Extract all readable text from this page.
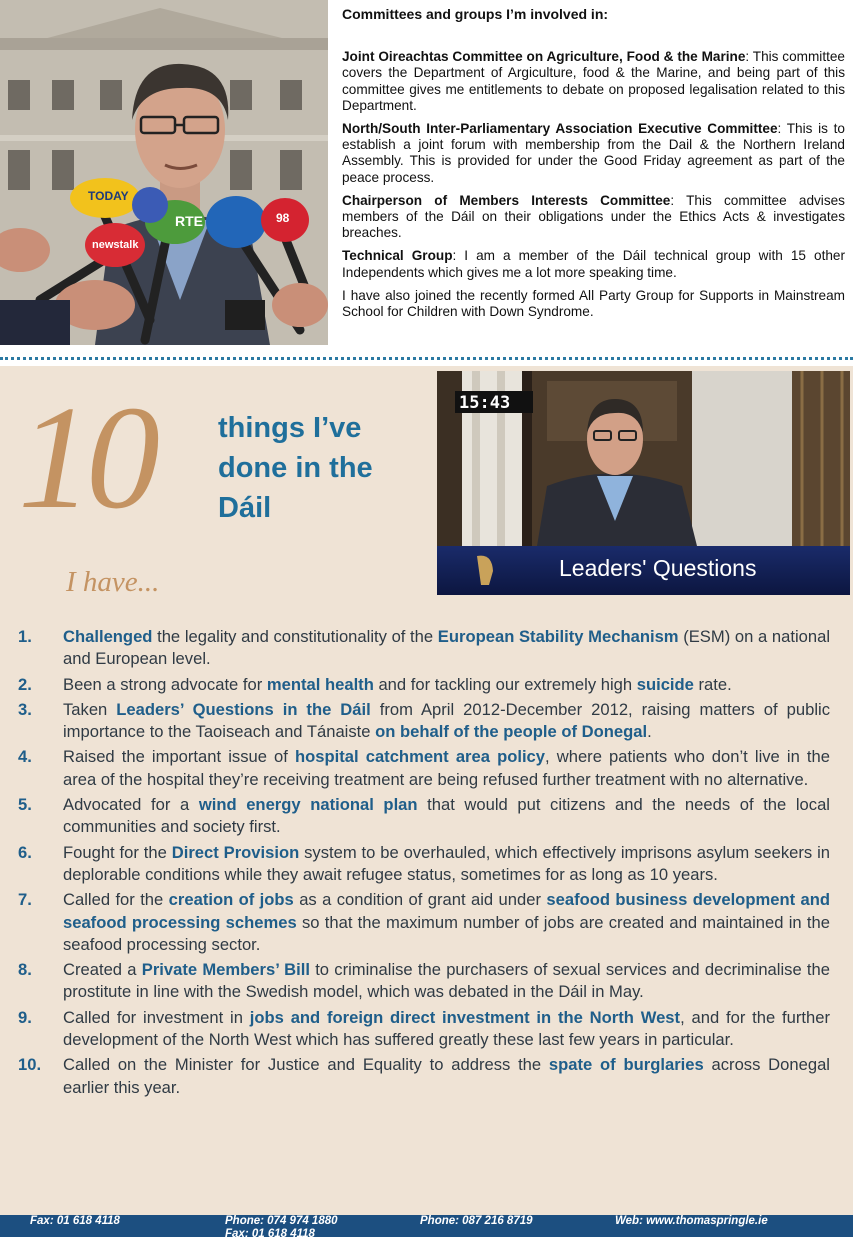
TODAY
RTE	98
newstalk
Committees and groups I’m involved in:

Joint Oireachtas Committee on Agriculture, Food & the Marine: This committee covers the Department of Argiculture, food & the Marine, and being part of this committee gives me entitlements to debate on proposed legalisation related to this Department.

North/South Inter-Parliamentary Association Executive Committee: This is to establish a joint forum with membership from the Dail & the Northern Ireland Assembly. This is provided for under the Good Friday agreement as part of the peace process.

Chairperson of Members Interests Committee: This committee advises members of the Dáil on their obligations under the Ethics Acts & investigates breaches.

Technical Group: I am a member of the Dáil technical group with 15 other Independents which gives me a lot more speaking time.

I have also joined the recently formed All Party Group for Supports in Mainstream School for Children with Down Syndrome.

10 things I’ve
done in the
Dáil
I have...
15:43
Leaders' Questions
1. Challenged the legality and constitutionality of the European Stability Mechanism (ESM) on a national and European level.
2. Been a strong advocate for mental health and for tackling our extremely high suicide rate.
3. Taken Leaders’ Questions in the Dáil from April 2012-December 2012, raising matters of public importance to the Taoiseach and Tánaiste on behalf of the people of Donegal.
4. Raised the important issue of hospital catchment area policy, where patients who don’t live in the area of the hospital they’re receiving treatment are being refused further treatment with no alternative.
5. Advocated for a wind energy national plan that would put citizens and the needs of the local communities and society first.
6. Fought for the Direct Provision system to be overhauled, which effectively imprisons asylum seekers in deplorable conditions while they await refugee status, sometimes for as long as 10 years.
7. Called for the creation of jobs as a condition of grant aid under seafood business development and seafood processing schemes so that the maximum number of jobs are created and maintained in the seafood processing sector.
8. Created a Private Members’ Bill to criminalise the purchasers of sexual services and decriminalise the prostitute in line with the Swedish model, which was debated in the Dáil in May.
9. Called for investment in jobs and foreign direct investment in the North West, and for the further development of the North West which has suffered greatly these last few years in particular.
10. Called on the Minister for Justice and Equality to address the spate of burglaries across Donegal earlier this year.
Fax: 01 618 4118	Phone: 074 974 1880
Fax: 01 618 4118
Phone: 087 216 8719	Web: www.thomaspringle.ie
